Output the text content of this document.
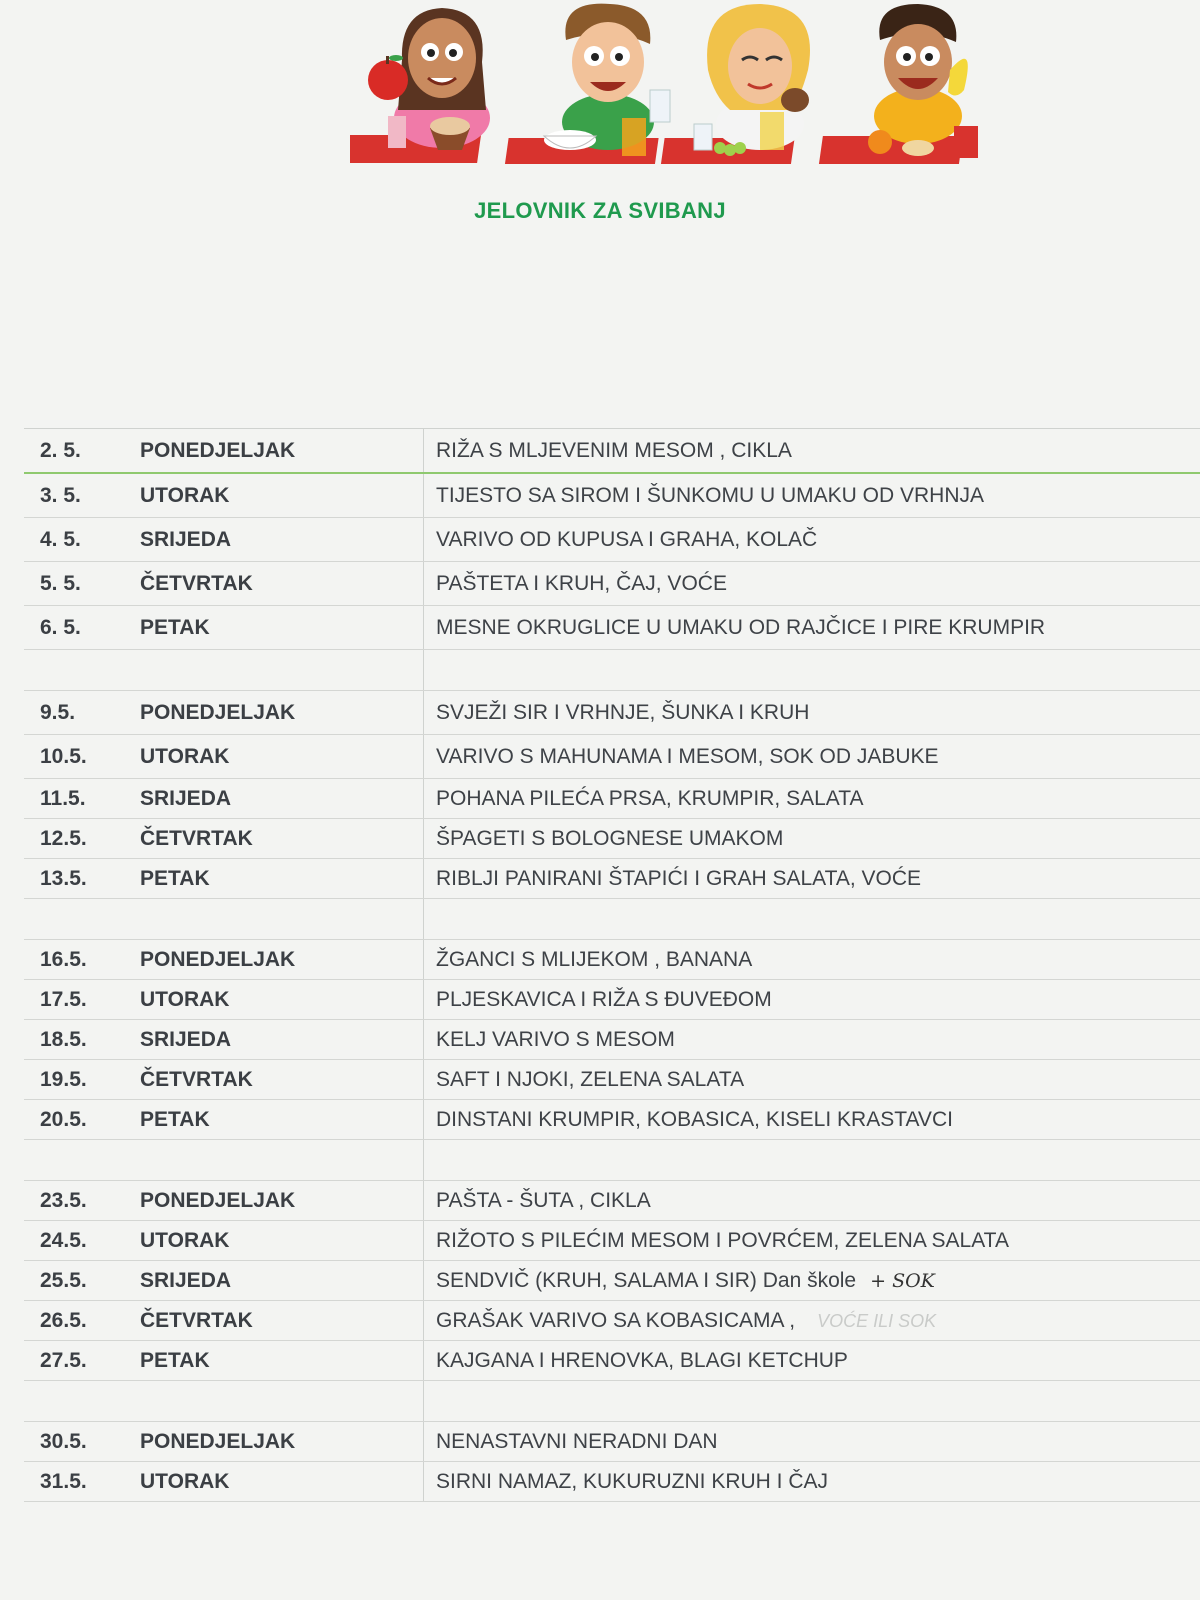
JELOVNIK ZA SVIBANJ
2. 5.	PONEDJELJAK	RIŽA S MLJEVENIM MESOM , CIKLA
3. 5.	UTORAK	TIJESTO SA SIROM I ŠUNKOMU U UMAKU OD VRHNJA
4. 5.	SRIJEDA	VARIVO OD KUPUSA I GRAHA, KOLAČ
5. 5.	ČETVRTAK	PAŠTETA I KRUH, ČAJ, VOĆE
6. 5.	PETAK	MESNE OKRUGLICE U UMAKU OD RAJČICE I PIRE KRUMPIR
9.5.	PONEDJELJAK	SVJEŽI SIR I VRHNJE, ŠUNKA I KRUH
10.5.	UTORAK	VARIVO S MAHUNAMA I MESOM, SOK OD JABUKE
11.5.	SRIJEDA	POHANA PILEĆA PRSA, KRUMPIR, SALATA
12.5.	ČETVRTAK	ŠPAGETI S BOLOGNESE UMAKOM
13.5.	PETAK	RIBLJI PANIRANI ŠTAPIĆI I GRAH SALATA, VOĆE
16.5.	PONEDJELJAK	ŽGANCI S MLIJEKOM , BANANA
17.5.	UTORAK	PLJESKAVICA I RIŽA S ĐUVEĐOM
18.5.	SRIJEDA	KELJ VARIVO S MESOM
19.5.	ČETVRTAK	SAFT I NJOKI, ZELENA SALATA
20.5.	PETAK	DINSTANI KRUMPIR, KOBASICA, KISELI KRASTAVCI
23.5.	PONEDJELJAK	PAŠTA - ŠUTA , CIKLA
24.5.	UTORAK	RIŽOTO S PILEĆIM MESOM I POVRĆEM, ZELENA SALATA
25.5.	SRIJEDA	SENDVIČ (KRUH, SALAMA I SIR) Dan škole + SOK
26.5.	ČETVRTAK	GRAŠAK VARIVO SA KOBASICAMA , VOĆE ILI SOK
27.5.	PETAK	KAJGANA I HRENOVKA, BLAGI KETCHUP
30.5.	PONEDJELJAK	NENASTAVNI NERADNI DAN
31.5.	UTORAK	SIRNI NAMAZ, KUKURUZNI KRUH I ČAJ
